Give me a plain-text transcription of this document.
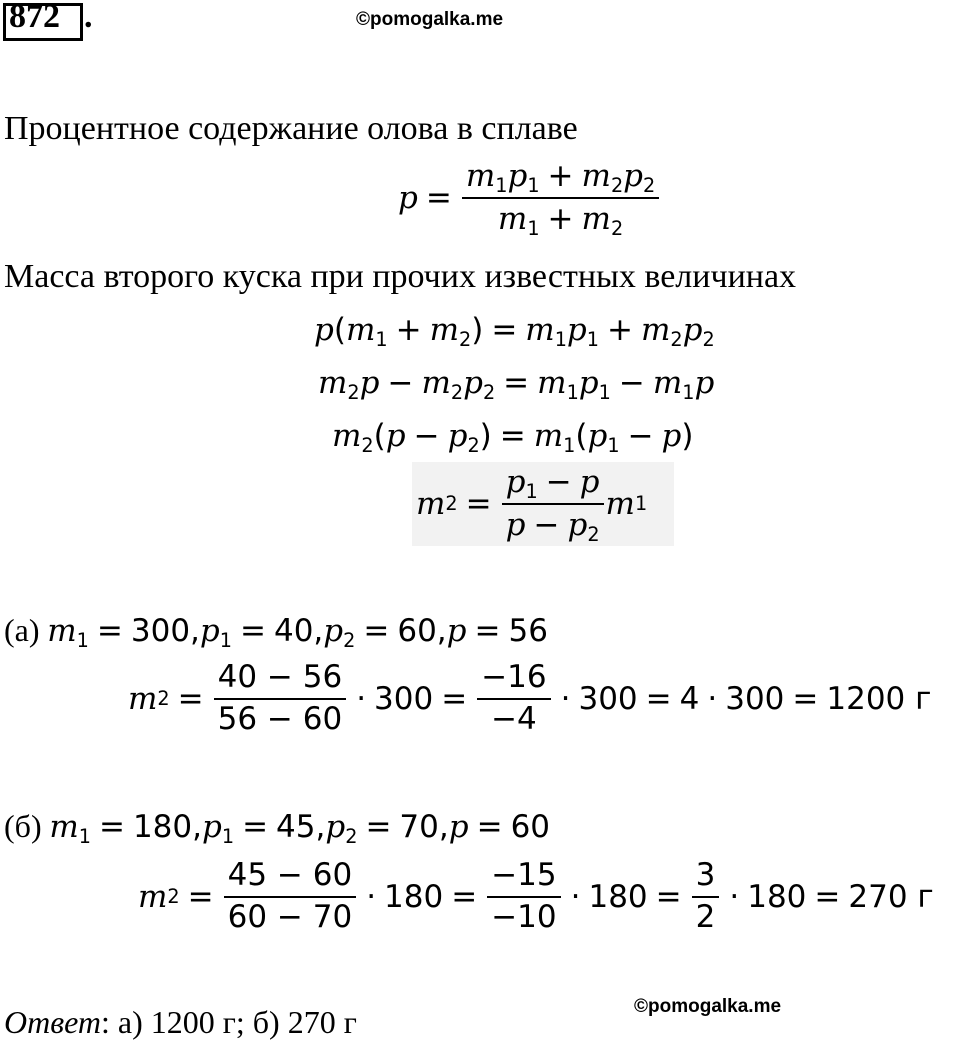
872 .	©pomogalka.me
Процентное содержание олова в сплаве
$p = \frac{m_1p_1 + m_2p_2}{m_1 + m_2}$
Масса второго куска при прочих известных величинах
$p(m_1 + m_2) = m_1p_1 + m_2p_2$
$m_2p - m_2p_2 = m_1p_1 - m_1p$
$m_2(p - p_2) = m_1(p_1 - p)$
m $2 = \frac{p_1 - p}{p - p_2}$ m 1
(а) $m_1 = 300,p_1 = 40,p_2 = 60,p = 56$
m $2 = \frac{40 - 56}{56 - 60} \cdot 300 = \frac{-16}{-4} \cdot 300 = 4 \cdot 300 = 1200$ г
(б) $m_1 = 180,p_1 = 45,p_2 = 70,p = 60$
m $2 = \frac{45 - 60}{60 - 70} \cdot 180 = \frac{-15}{-10} \cdot 180 = \frac{3}{2} \cdot 180 = 270$ г
©pomogalka.me
Ответ: а) 1200 г; б) 270 г
